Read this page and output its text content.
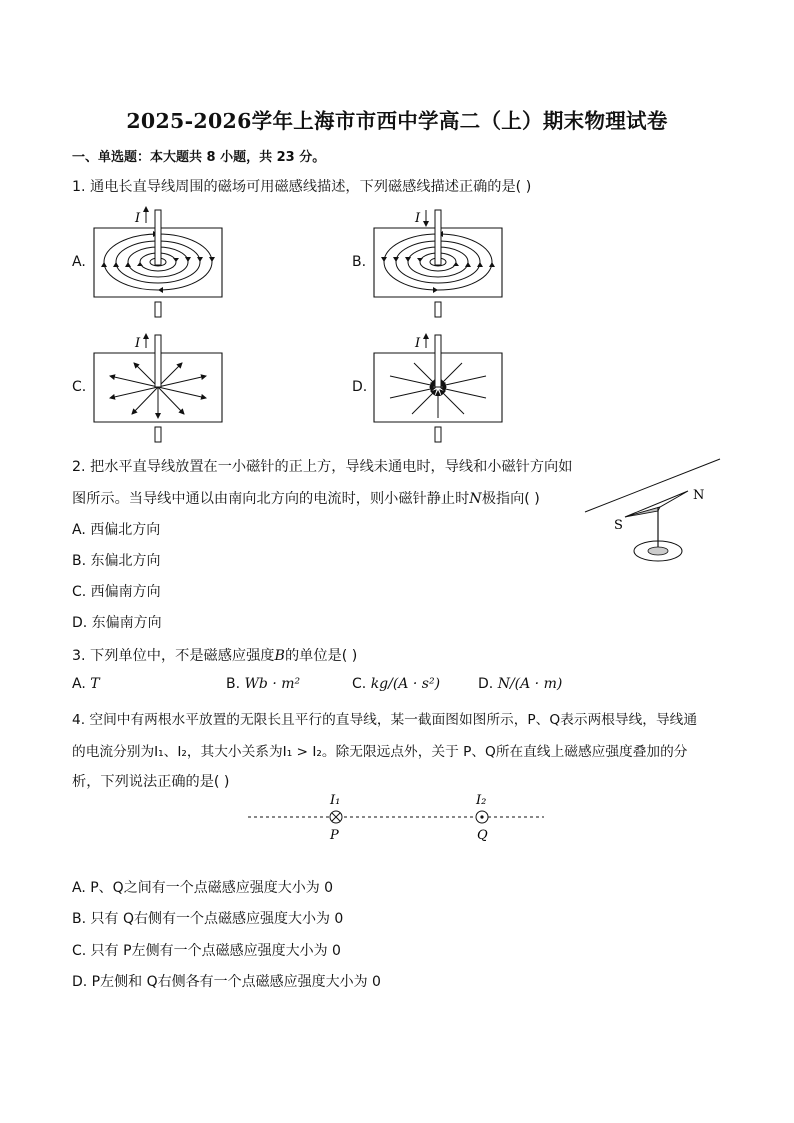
2025-2026学年上海市市西中学高二（上）期末物理试卷
一、单选题：本大题共 8 小题，共 23 分。
1. 通电长直导线周围的磁场可用磁感线描述，下列磁感线描述正确的是( )
A.	B.
C.	D.
I	I
I	I
2. 把水平直导线放置在一小磁针的正上方，导线未通电时，导线和小磁针方向如
图所示。当导线中通以由南向北方向的电流时，则小磁针静止时N极指向( )
A. 西偏北方向
B. 东偏北方向
C. 西偏南方向
D. 东偏南方向
S
N
3. 下列单位中，不是磁感应强度B的单位是( )
A. T	B. Wb · m²	C. kg/(A · s²)	D. N/(A · m)
4. 空间中有两根水平放置的无限长且平行的直导线，某一截面图如图所示，P、Q表示两根导线，导线通
的电流分别为I₁、I₂，其大小关系为I₁ > I₂。除无限远点外，关于 P、Q所在直线上磁感应强度叠加的分
析，下列说法正确的是( )
I₁	I₂
P	Q
A. P、Q之间有一个点磁感应强度大小为 0
B. 只有 Q右侧有一个点磁感应强度大小为 0
C. 只有 P左侧有一个点磁感应强度大小为 0
D. P左侧和 Q右侧各有一个点磁感应强度大小为 0
